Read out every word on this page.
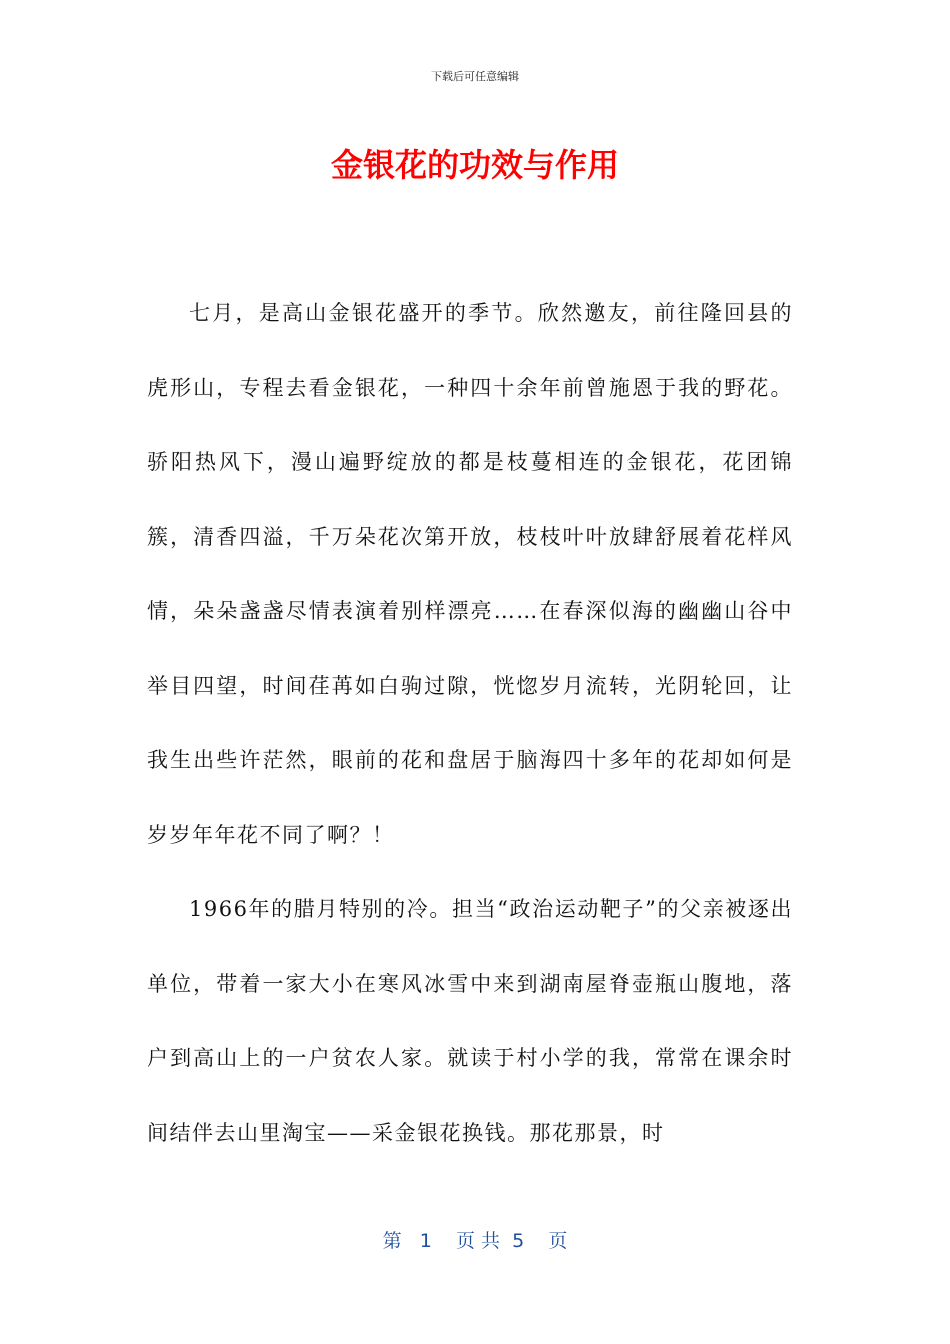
下载后可任意编辑
金银花的功效与作用

七月，是高山金银花盛开的季节。欣然邀友，前往隆回县的虎形山，专程去看金银花，一种四十余年前曾施恩于我的野花。骄阳热风下，漫山遍野绽放的都是枝蔓相连的金银花，花团锦簇，清香四溢，千万朵花次第开放，枝枝叶叶放肆舒展着花样风情，朵朵盏盏尽情表演着别样漂亮……在春深似海的幽幽山谷中举目四望，时间荏苒如白驹过隙，恍惚岁月流转，光阴轮回，让我生出些许茫然，眼前的花和盘居于脑海四十多年的花却如何是岁岁年年花不同了啊？！

1966年的腊月特别的冷。担当“政治运动靶子”的父亲被逐出单位，带着一家大小在寒风冰雪中来到湖南屋脊壶瓶山腹地，落户到高山上的一户贫农人家。就读于村小学的我，常常在课余时间结伴去山里淘宝——采金银花换钱。那花那景，时

第   1    页 共  5    页
